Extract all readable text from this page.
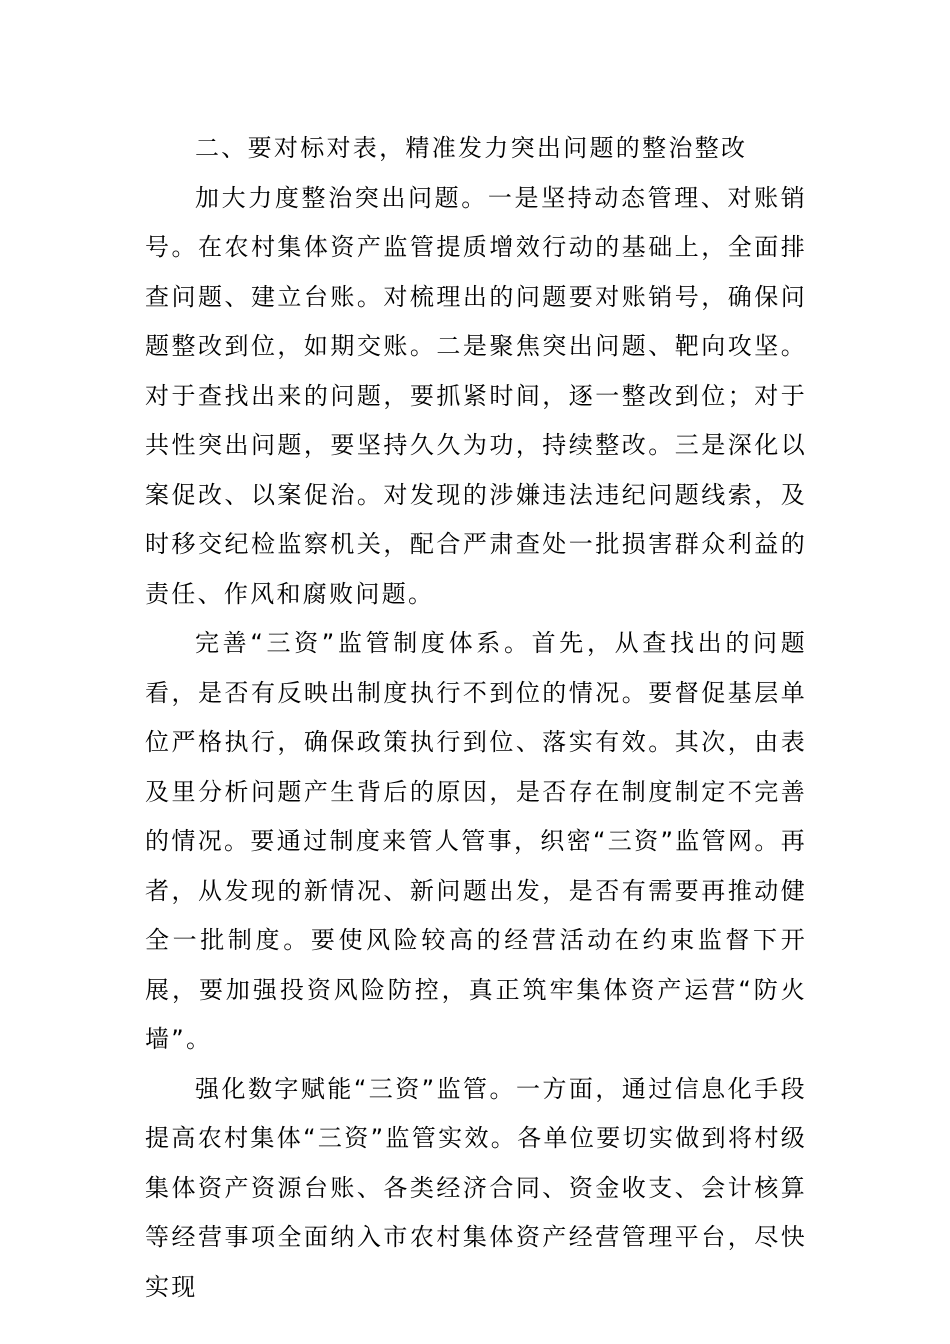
二、要对标对表，精准发力突出问题的整治整改

加大力度整治突出问题。一是坚持动态管理、对账销号。在农村集体资产监管提质增效行动的基础上，全面排查问题、建立台账。对梳理出的问题要对账销号，确保问题整改到位，如期交账。二是聚焦突出问题、靶向攻坚。对于查找出来的问题，要抓紧时间，逐一整改到位；对于共性突出问题，要坚持久久为功，持续整改。三是深化以案促改、以案促治。对发现的涉嫌违法违纪问题线索，及时移交纪检监察机关，配合严肃查处一批损害群众利益的责任、作风和腐败问题。

完善“三资”监管制度体系。首先，从查找出的问题看，是否有反映出制度执行不到位的情况。要督促基层单位严格执行，确保政策执行到位、落实有效。其次，由表及里分析问题产生背后的原因，是否存在制度制定不完善的情况。要通过制度来管人管事，织密“三资”监管网。再者，从发现的新情况、新问题出发，是否有需要再推动健全一批制度。要使风险较高的经营活动在约束监督下开展，要加强投资风险防控，真正筑牢集体资产运营“防火墙”。

强化数字赋能“三资”监管。一方面，通过信息化手段提高农村集体“三资”监管实效。各单位要切实做到将村级集体资产资源台账、各类经济合同、资金收支、会计核算等经营事项全面纳入市农村集体资产经营管理平台，尽快实现
